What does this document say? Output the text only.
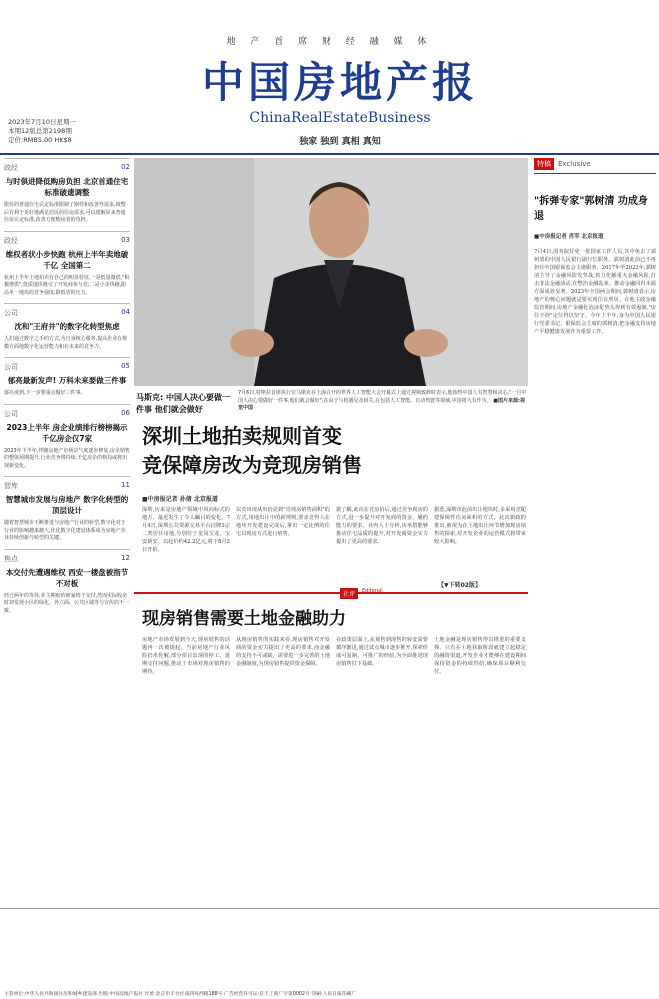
地 产 首 席 财 经 融 媒 体
中国房地产报
ChinaRealEstateBusiness
独家 独到 真相 真知
2023年7月10日星期一
本期12版总第2198期
定价:RMB5.00 HK$8
政经	02
与时俱进降低购房负担 北京首通住宅标准破遗调整
限价的普通住宅认定标准限制了刚性和改善性需求,调整后有利于更好地满足居民的住房需求,可以缓解原来普通住房认定标准,改善方便购房者的负担。
政经	03
维权者状小步快跑 杭州上半年卖地破千亿 全国第二
杭州上半年土地拍卖有自己的明显特征,一是低量微供,"积极增供",优质地块吸引了开发商参与竞;二是小步快跑,限高单一地块的竞争强度,降低省的压力。
公司	04
沈和"王府井"的数字化转型焦虑
人们通过数字之手的方式,为自身核心服务,提高企业在规模方面地数字化运营能力和在未来的竞争力。
公司	05
郁亮最新发声! 万科未来要做三件事
郁亮谈到,下一步要重点做好三件事。
公司	06
2023上半年 房企业绩排行榜榜揭示 千亿房企仅7家
2023年下半年,伴随房地产市场景气度逐步修复,房企销售的整体预期提升,行业竞争将持续,千亿房企的格局或将出现新变化。
智库	11
智慧城市发展与房地产 数字化转型的顶层设计
随着智慧城市不断推进与房地产行业的转型,数字化对于行业的影响越来越大,优化数字化建设体系成为房地产企业持续创新与转型的关键。
焦点	12
本交付先遭遇维权 西安一楼盘被指节不对板
经过两年的等待,业主期盼的新家终于交付,然而实际收房时却发现小区的绿化、外立面、公共区域等与宣传的不一致。
马斯克: 中国人决心要做一件事 他们就会做好
7月6日,特斯拉首席执行官马斯克在上海召开的世界人工智能大会开幕式上通过视频致辞时表示,他始终中国人有智慧和决心,"一旦中国人决心要做好一件事,他们就会做好",在由于与机遇见及相关,在包括人工智能、自动驾驶等领域,中国将大有作为。 ■图片来源:视觉中国
深圳土地拍卖规则首变
竞保障房改为竞现房销售
■中房报记者 孙倩 北京报道
深圳,历来是房地产领域中风向标式的地方。最近发生了令人瞩目的变化。7月4日,深圳公共资源交易平台挂牌3宗二类居住用地,分别位于龙岗宝龙、宝安新安、以起价约42.2亿元,将于8月2日开拍。
以竞出现从出价竞到"竞现房销售面积"的方式,用地出让中的新规则,要求竞得人在地块开发建设完成后,拿出一定比例的住宅以现房方式进行销售。
据了解,此次在竞房价后,通过竞争现房的方式,进一步提升对开发商的资金、履约能力的要求。业内人士分析,该举措能够推动住宅品质的提升,对开发商资金实力提出了更高的要求。
据悉,深圳市此前出让地块时,多采用竞配建保障性住房面积的方式。此次新政的推出,被视为在土地出让环节增加现房销售的探索,对开发企业的运营模式将带来较大影响。
【▼下转02版】
社评	Editorial
现房销售需要土地金融助力
房地产市场发展到今天,现房销售的话题再一次被提起。当前房地产行业风险仍未化解,部分项目出现的停工、延期交付问题,推动了市场对现房销售的期待。
从现房销售的实践来看,现房销售对开发商的资金实力提出了更高的要求,而金融的支持不可或缺。需要进一步完善的土地金融制度,为现房销售提供资金保障。
在政策层面上,从预售到现售的转变需要循序渐进,通过试点城市逐步推开,探索形成可复制、可推广的经验,为全面推进现房销售打下基础。
土地金融是现房销售得以推进的重要支撑。只有在土地获取阶段就建立起稳定的融资渠道,开发企业才能够在建设期间保持资金的持续供给,确保项目顺利交付。
特稿	Exclusive
"拆弹专家"郭树清 功成身退
■中房报记者 肖军 北京报道
7月4日,国务院任免一批国家工作人员,其中免去了郭树清的中国人民银行副行长职务。郭树清此前已不再担任中国银保监会主席职务。2017年至2023年,郭树清主导了金融风险攻坚战,着力化解重大金融风险,打击非法金融活动,在整治金融乱象、推动金融回归本源方面成效显著。2023年全国两会期间,郭树清表示,房地产的核心问题就是要实现住有所居。在他主政金融监管期间,房地产金融化泡沫化势头得到有效遏制,"房住不炒"定位得以坚守。今年上半年,身为中国人民银行党委书记、银保监会主席的郭树清,把金融支持房地产平稳健康发展作为重要工作。
主管单位:中华人民共和国住房和城乡建设部 出版:中国房地产报社 社址:北京市丰台区南四环西路188号 广告经营许可证:京丰工商广字第0002号 印刷:人民日报印刷厂
